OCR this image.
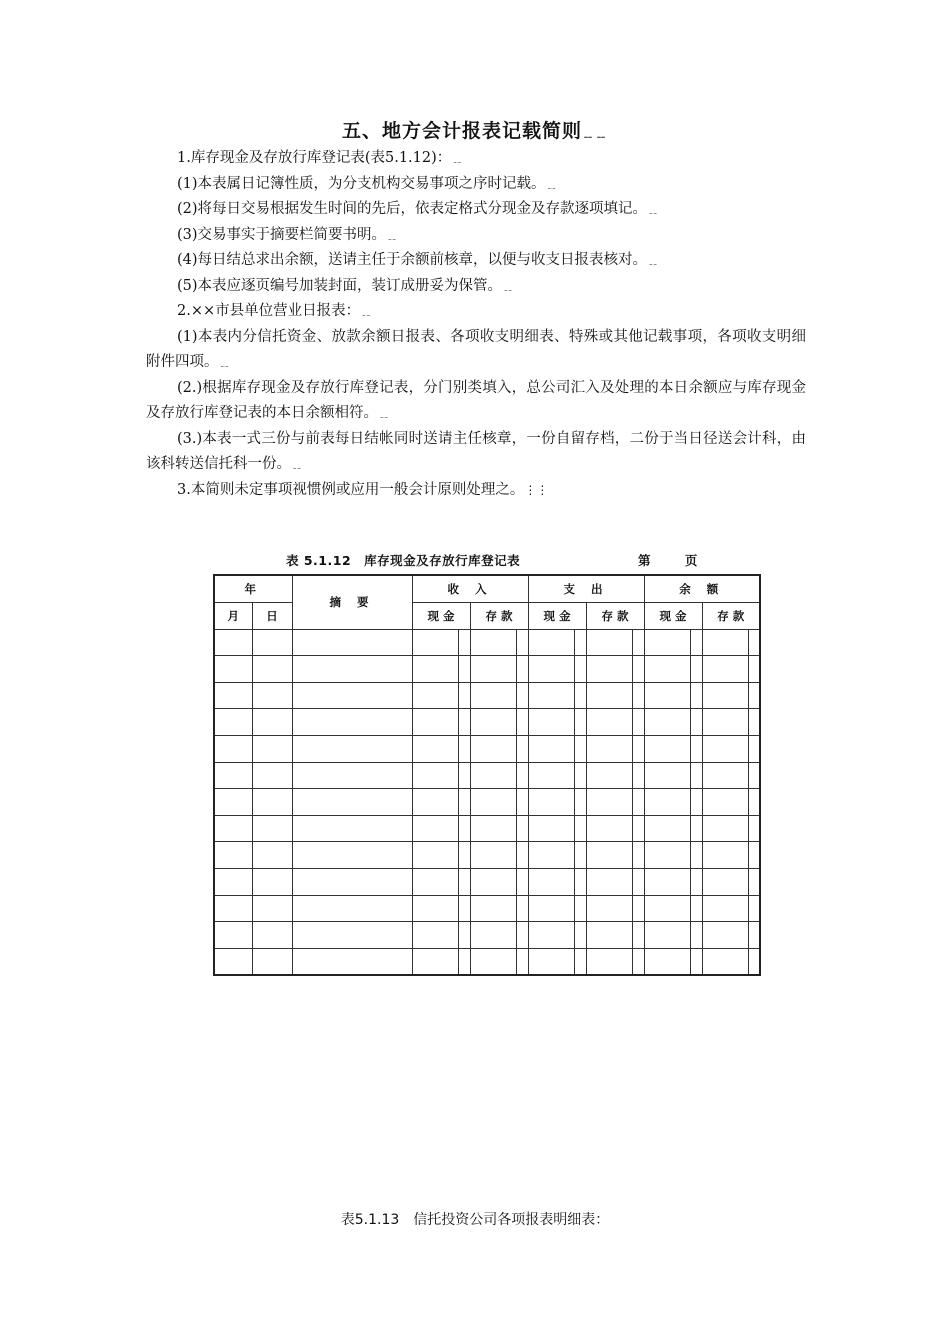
五、地方会计报表记载简则﹎﹎

1.库存现金及存放行库登记表(表5.1.12)：﹎

(1)本表属日记簿性质，为分支机构交易事项之序时记载。﹎

(2)将每日交易根据发生时间的先后，依表定格式分现金及存款逐项填记。﹎

(3)交易事实于摘要栏简要书明。﹎

(4)每日结总求出余额，送请主任于余额前核章，以便与收支日报表核对。﹎

(5)本表应逐页编号加装封面，装订成册妥为保管。﹎

2.××市县单位营业日报表：﹎

(1)本表内分信托资金、放款余额日报表、各项收支明细表、特殊或其他记载事项，各项收支明细附件四项。﹎

(2.)根据库存现金及存放行库登记表，分门别类填入，总公司汇入及处理的本日余额应与库存现金及存放行库登记表的本日余额相符。﹎

(3.)本表一式三份与前表每日结帐同时送请主任核章，一份自留存档，二份于当日径送会计科，由该科转送信托科一份。﹎

3.本简则未定事项视惯例或应用一般会计原则处理之。⋮⋮

表 5.1.12　库存现金及存放行库登记表	第 页
年		摘 要	收 入				支 出				余 额			
月	日		现 金		存 款		现 金		存 款		现 金		存 款	

表5.1.13　信托投资公司各项报表明细表：
